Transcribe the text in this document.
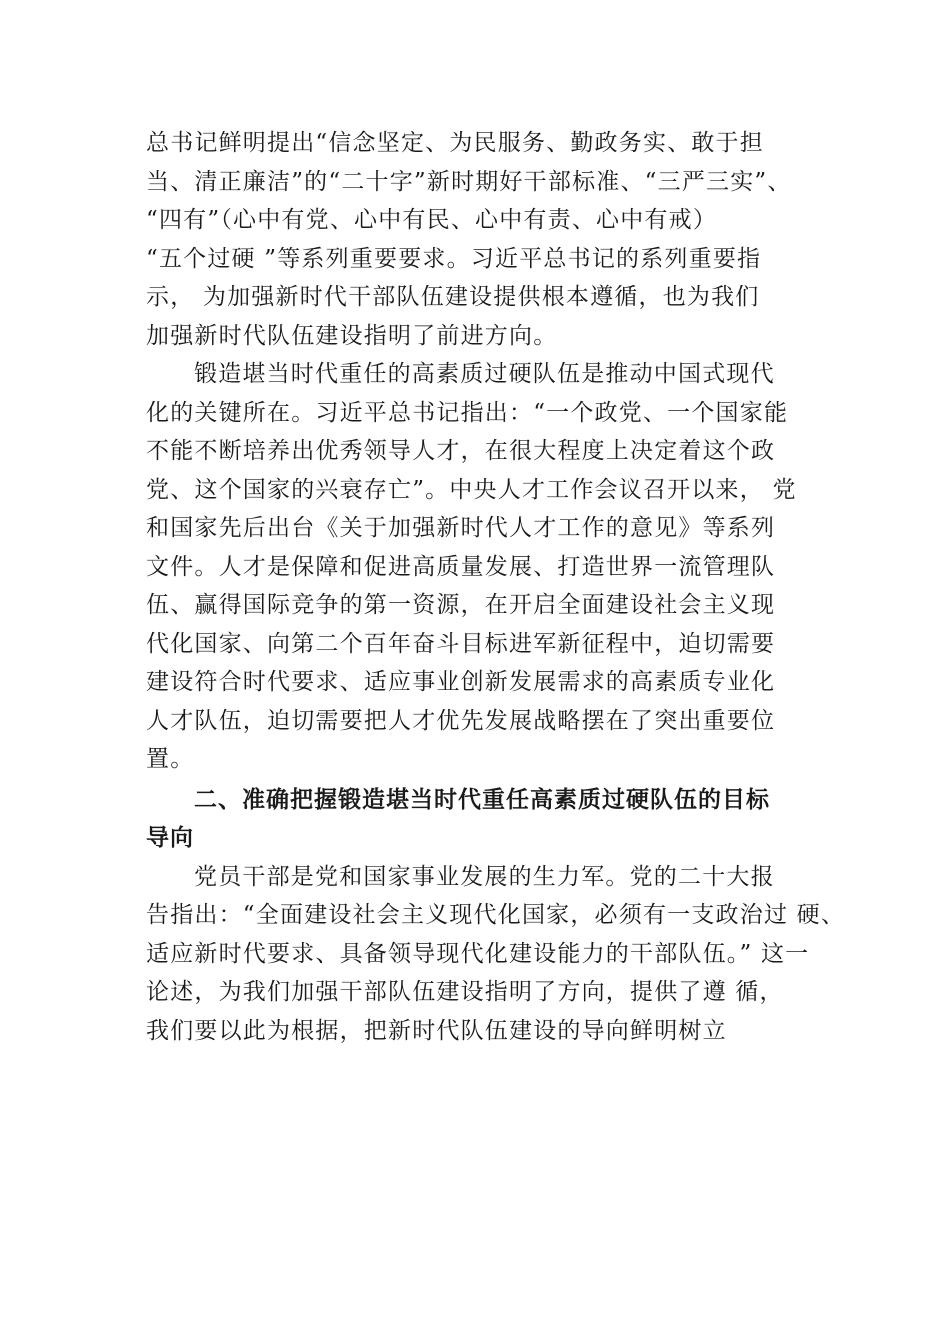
总书记鲜明提出“信念坚定、为民服务、勤政务实、敢于担
当、清正廉洁”的“二十字”新时期好干部标准、“三严三实”、
“四有”（心中有党、心中有民、心中有责、心中有戒）
“五个过硬 ”等系列重要要求。习近平总书记的系列重要指
示， 为加强新时代干部队伍建设提供根本遵循，也为我们
加强新时代队伍建设指明了前进方向。
锻造堪当时代重任的高素质过硬队伍是推动中国式现代
化的关键所在。习近平总书记指出：“一个政党、一个国家能
不能不断培养出优秀领导人才，在很大程度上决定着这个政
党、这个国家的兴衰存亡”。中央人才工作会议召开以来， 党
和国家先后出台《关于加强新时代人才工作的意见》等系列
文件。人才是保障和促进高质量发展、打造世界一流管理队
伍、赢得国际竞争的第一资源，在开启全面建设社会主义现
代化国家、向第二个百年奋斗目标进军新征程中，迫切需要
建设符合时代要求、适应事业创新发展需求的高素质专业化
人才队伍，迫切需要把人才优先发展战略摆在了突出重要位
置。
二、准确把握锻造堪当时代重任高素质过硬队伍的目标
导向
党员干部是党和国家事业发展的生力军。党的二十大报
告指出：“全面建设社会主义现代化国家，必须有一支政治过 硬、
适应新时代要求、具备领导现代化建设能力的干部队伍。” 这一
论述，为我们加强干部队伍建设指明了方向，提供了遵 循，
我们要以此为根据，把新时代队伍建设的导向鲜明树立
